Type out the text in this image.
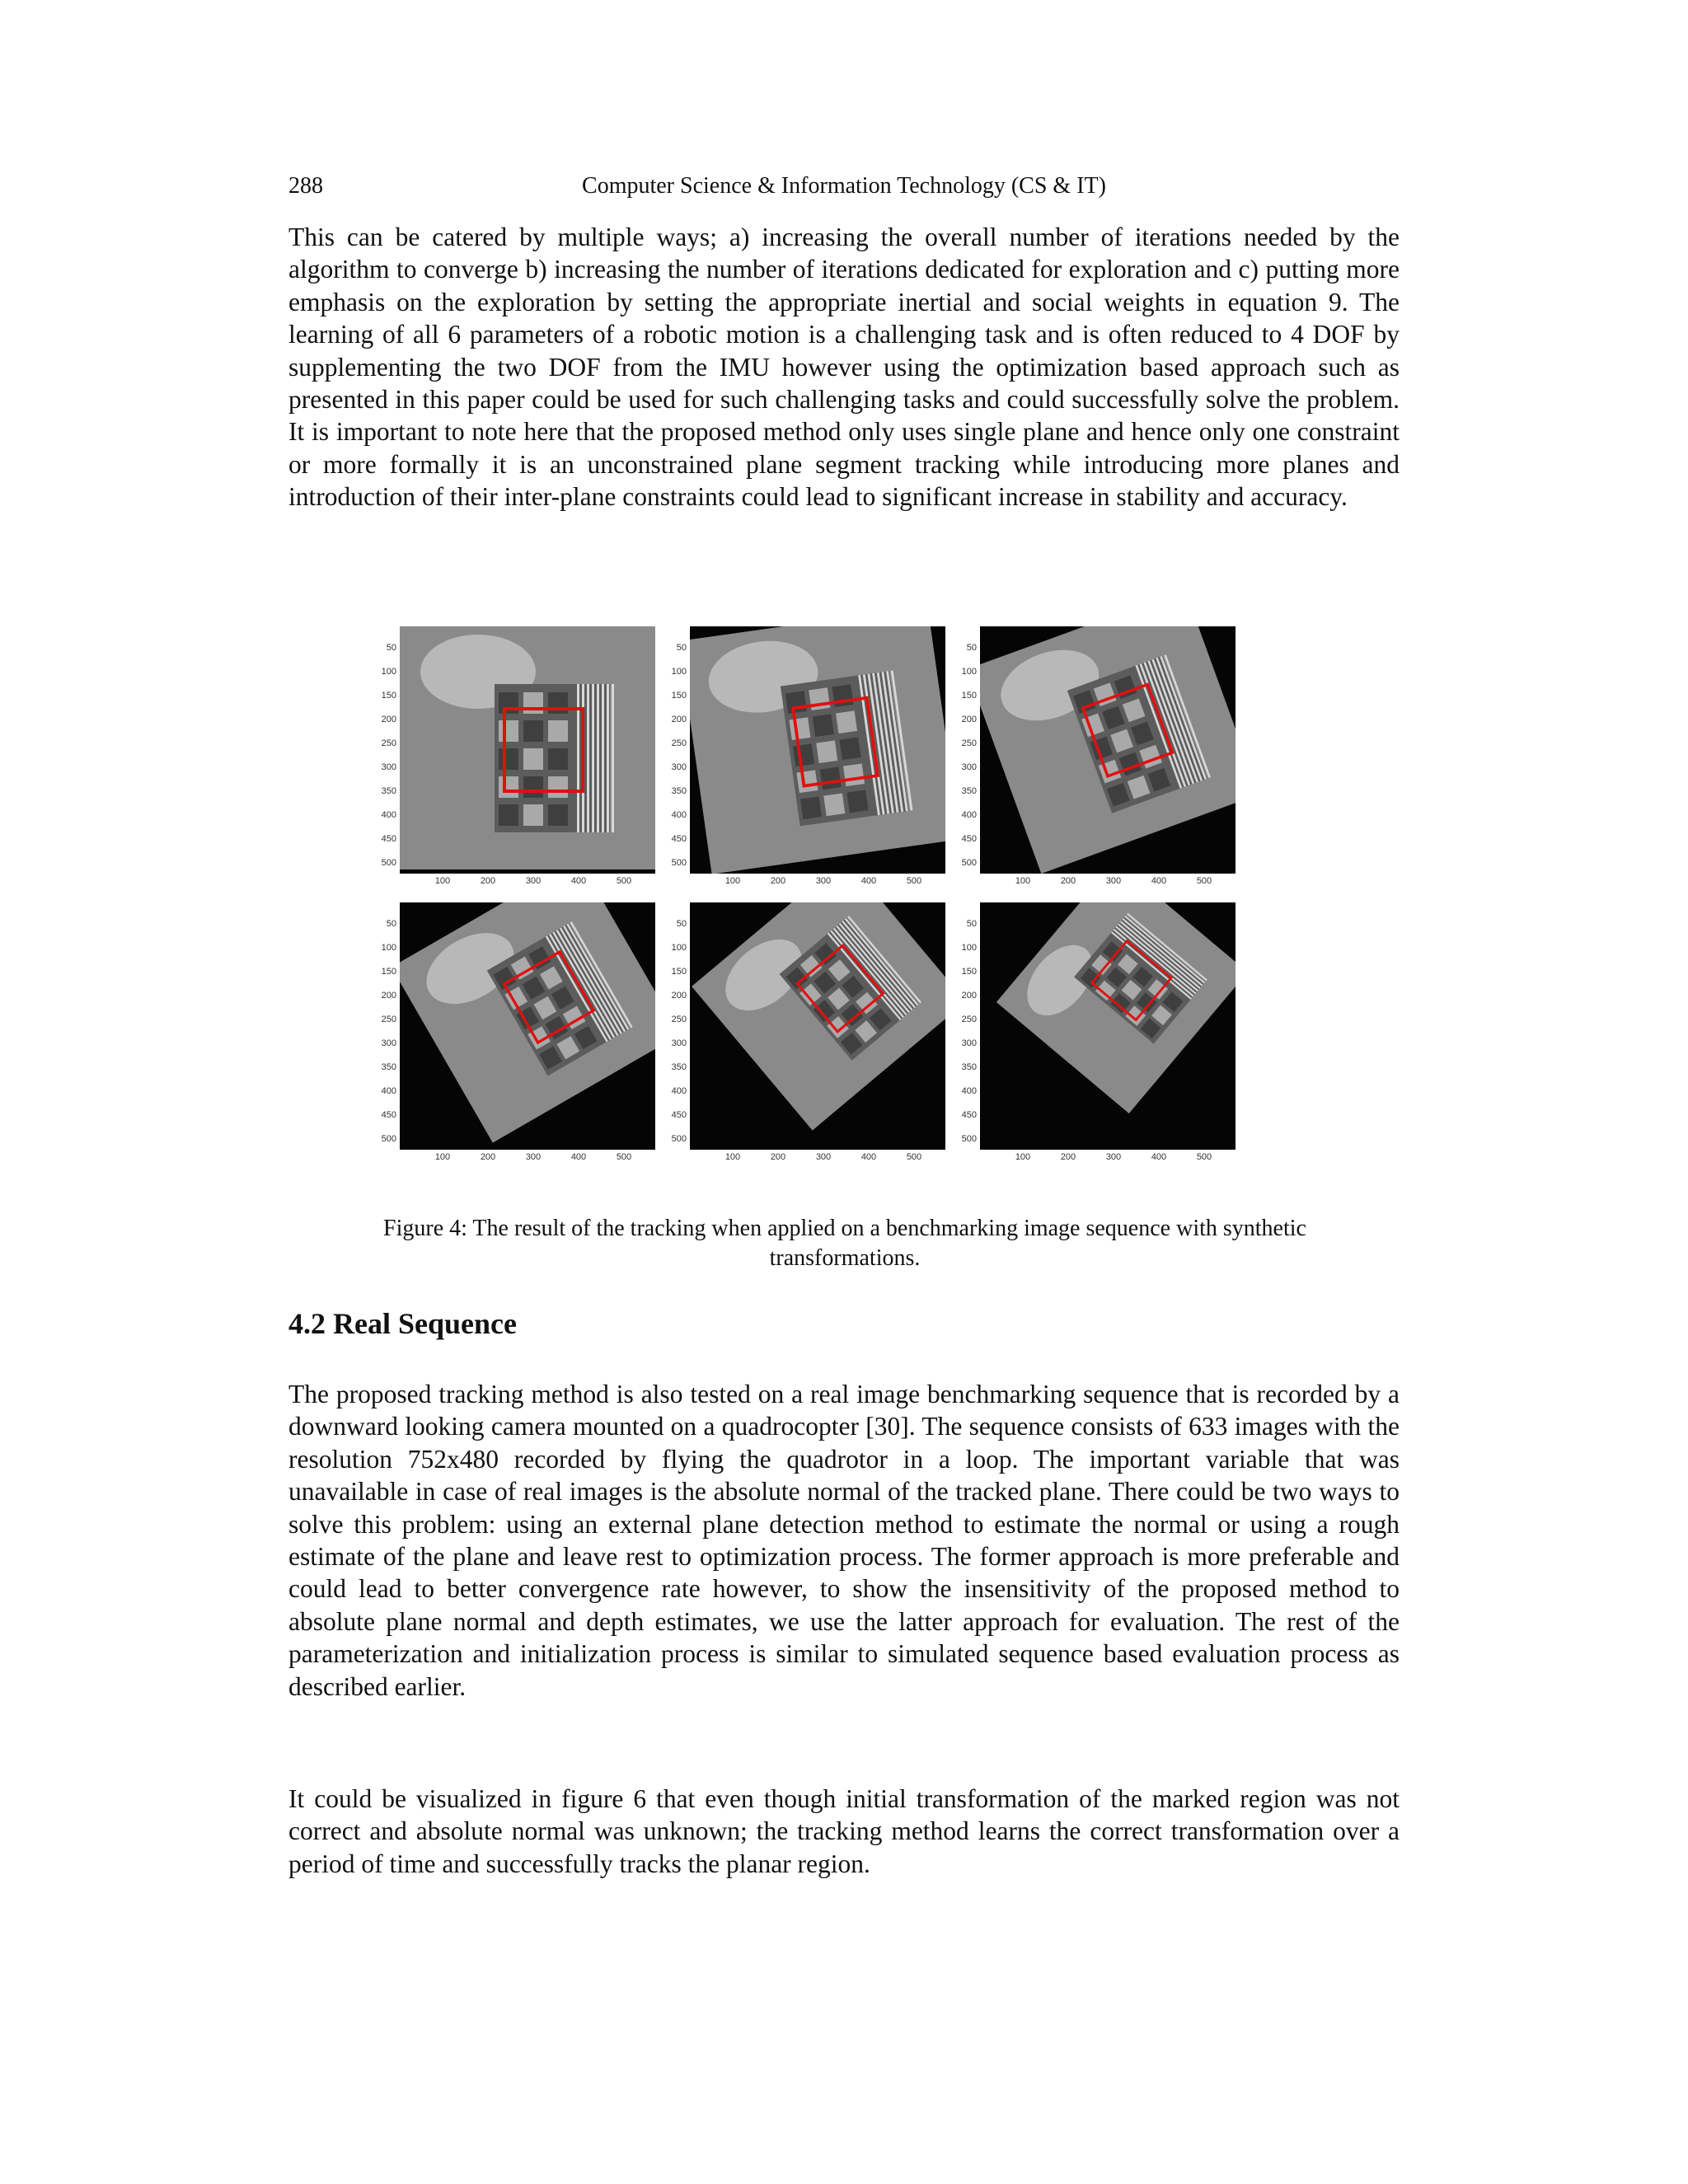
288	Computer Science & Information Technology (CS & IT)

This can be catered by multiple ways; a) increasing the overall number of iterations needed by the algorithm to converge b) increasing the number of iterations dedicated for exploration and c) putting more emphasis on the exploration by setting the appropriate inertial and social weights in equation 9. The learning of all 6 parameters of a robotic motion is a challenging task and is often reduced to 4 DOF by supplementing the two DOF from the IMU however using the optimization based approach such as presented in this paper could be used for such challenging tasks and could successfully solve the problem. It is important to note here that the proposed method only uses single plane and hence only one constraint or more formally it is an unconstrained plane segment tracking while introducing more planes and introduction of their inter-plane constraints could lead to significant increase in stability and accuracy.

50
100
150
200
250
300
350
400
450
500
100	200	300	400	500
50
100
150
200
250
300
350
400
450
500
100	200	300	400	500
50
100
150
200
250
300
350
400
450
500
100	200	300	400	500
50
100
150
200
250
300
350
400
450
500
100	200	300	400	500
50
100
150
200
250
300
350
400
450
500
100	200	300	400	500
50
100
150
200
250
300
350
400
450
500
100	200	300	400	500

Figure 4: The result of the tracking when applied on a benchmarking image sequence with synthetic transformations.

4.2 Real Sequence

The proposed tracking method is also tested on a real image benchmarking sequence that is recorded by a downward looking camera mounted on a quadrocopter [30]. The sequence consists of 633 images with the resolution 752x480 recorded by flying the quadrotor in a loop. The important variable that was unavailable in case of real images is the absolute normal of the tracked plane. There could be two ways to solve this problem: using an external plane detection method to estimate the normal or using a rough estimate of the plane and leave rest to optimization process. The former approach is more preferable and could lead to better convergence rate however, to show the insensitivity of the proposed method to absolute plane normal and depth estimates, we use the latter approach for evaluation. The rest of the parameterization and initialization process is similar to simulated sequence based evaluation process as described earlier.

It could be visualized in figure 6 that even though initial transformation of the marked region was not correct and absolute normal was unknown; the tracking method learns the correct transformation over a period of time and successfully tracks the planar region.
